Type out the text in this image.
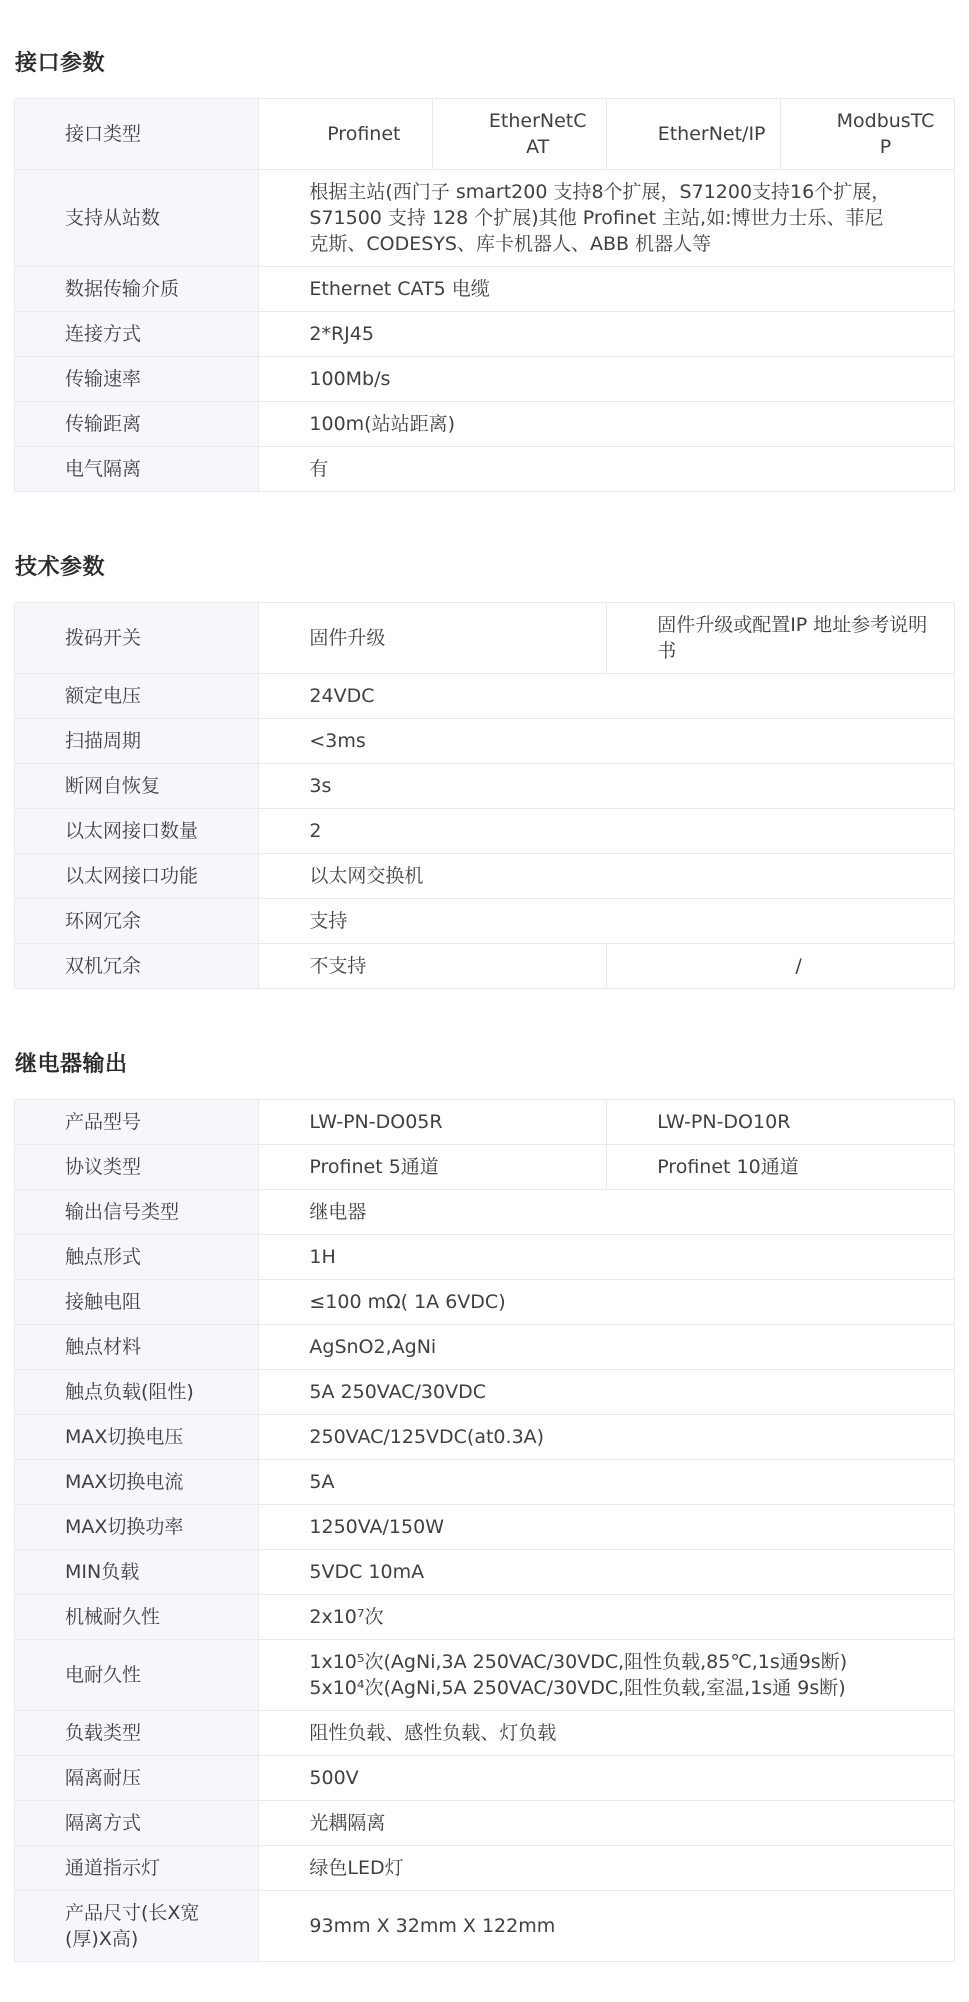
接口参数
接口类型	Profinet	EtherNetCAT	EtherNet/IP	ModbusTCP
支持从站数	根据主站(西门子 smart200 支持8个扩展，S71200支持16个扩展，
S71500 支持 128 个扩展)其他 Profinet 主站,如:博世力士乐、菲尼
克斯、CODESYS、库卡机器人、ABB 机器人等			
数据传输介质	Ethernet CAT5 电缆			
连接方式	2*RJ45			
传输速率	100Mb/s			
传输距离	100m(站站距离)			
电气隔离	有			
技术参数
拨码开关	固件升级	固件升级或配置IP 地址参考说明书
额定电压	24VDC	
扫描周期	<3ms	
断网自恢复	3s	
以太网接口数量	2	
以太网接口功能	以太网交换机	
环网冗余	支持	
双机冗余	不支持	/
继电器输出
产品型号	LW-PN-DO05R	LW-PN-DO10R
协议类型	Profinet 5通道	Profinet 10通道
输出信号类型	继电器	
触点形式	1H	
接触电阻	≤100 mΩ( 1A 6VDC)	
触点材料	AgSnO2,AgNi	
触点负载(阻性)	5A 250VAC/30VDC	
MAX切换电压	250VAC/125VDC(at0.3A)	
MAX切换电流	5A	
MAX切换功率	1250VA/150W	
MIN负载	5VDC 10mA	
机械耐久性	2x10⁷次	
电耐久性	1x10⁵次(AgNi,3A 250VAC/30VDC,阻性负载,85℃,1s通9s断)
5x10⁴次(AgNi,5A 250VAC/30VDC,阻性负载,室温,1s通 9s断)	
负载类型	阻性负载、感性负载、灯负载	
隔离耐压	500V	
隔离方式	光耦隔离	
通道指示灯	绿色LED灯	
产品尺寸(长X宽(厚)X高)	93mm X 32mm X 122mm	
